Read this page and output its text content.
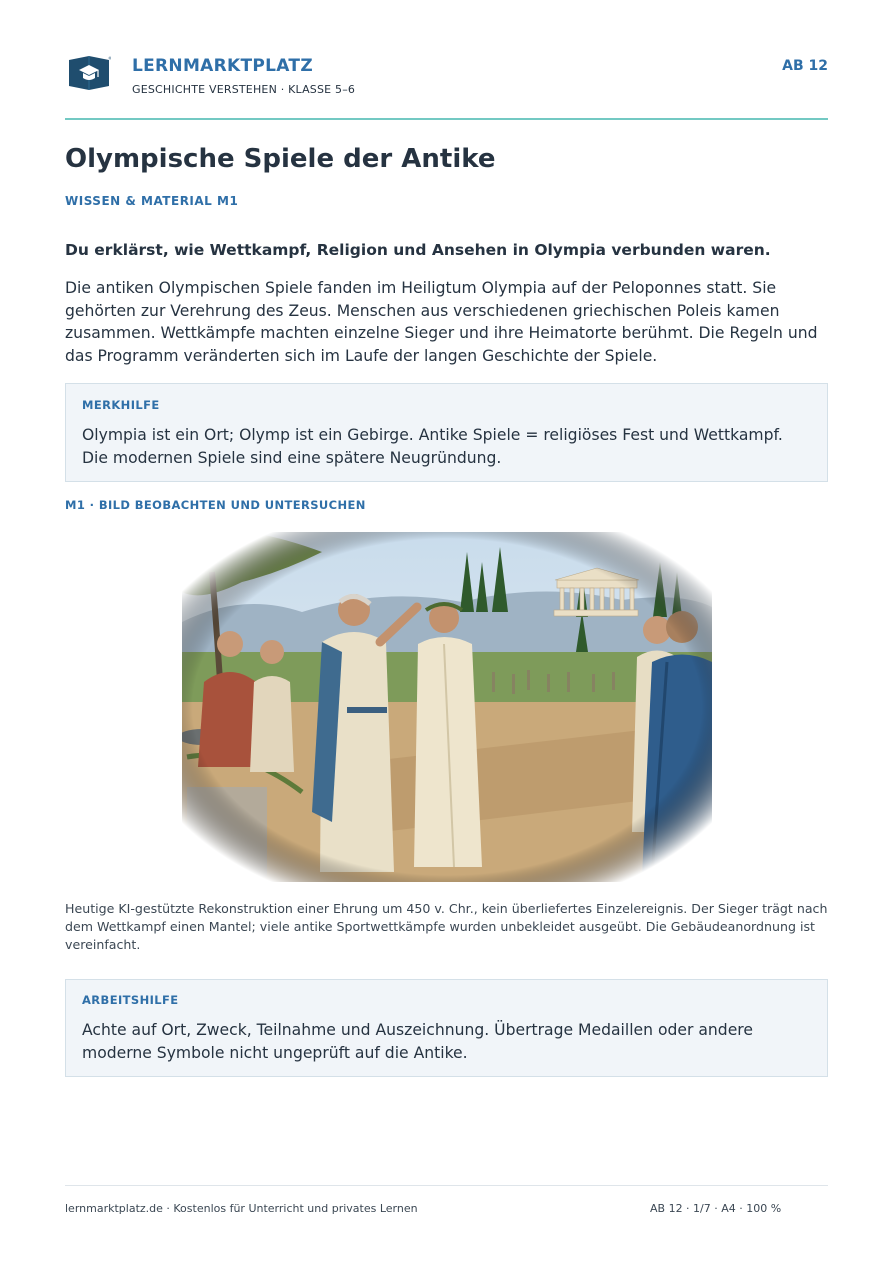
LERNMARKTPLATZ
GESCHICHTE VERSTEHEN · KLASSE 5–6
AB 12
Olympische Spiele der Antike
WISSEN & MATERIAL M1
Du erklärst, wie Wettkampf, Religion und Ansehen in Olympia verbunden waren.

Die antiken Olympischen Spiele fanden im Heiligtum Olympia auf der Peloponnes statt. Sie gehörten zur Verehrung des Zeus. Menschen aus verschiedenen griechischen Poleis kamen zusammen. Wettkämpfe machten einzelne Sieger und ihre Heimatorte berühmt. Die Regeln und das Programm veränderten sich im Laufe der langen Geschichte der Spiele.

MERKHILFE

Olympia ist ein Ort; Olymp ist ein Gebirge. Antike Spiele = religiöses Fest und Wettkampf. Die modernen Spiele sind eine spätere Neugründung.

M1 · BILD BEOBACHTEN UND UNTERSUCHEN

Heutige KI-gestützte Rekonstruktion einer Ehrung um 450 v. Chr., kein überliefertes Einzelereignis. Der Sieger trägt nach dem Wettkampf einen Mantel; viele antike Sportwettkämpfe wurden unbekleidet ausgeübt. Die Gebäudeanordnung ist vereinfacht.

ARBEITSHILFE

Achte auf Ort, Zweck, Teilnahme und Auszeichnung. Übertrage Medaillen oder andere moderne Symbole nicht ungeprüft auf die Antike.

lernmarktplatz.de · Kostenlos für Unterricht und privates Lernen	AB 12 · 1/7 · A4 · 100 %
